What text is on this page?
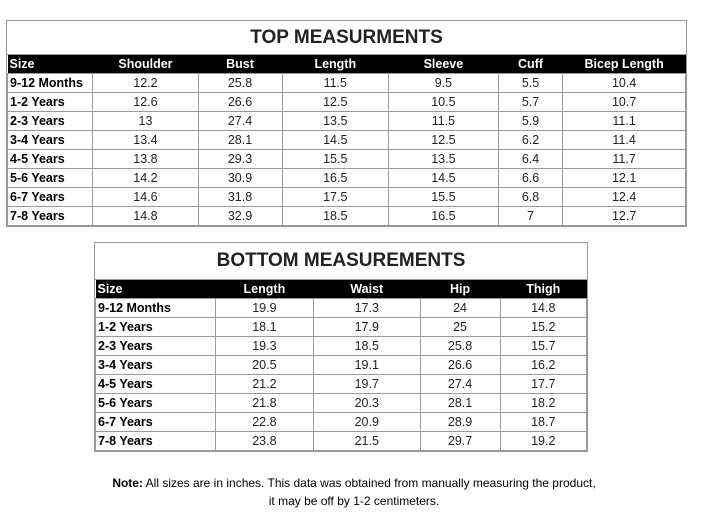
TOP MEASURMENTS
Size	Shoulder	Bust	Length	Sleeve	Cuff	Bicep Length
9-12 Months	12.2	25.8	11.5	9.5	5.5	10.4
1-2 Years	12.6	26.6	12.5	10.5	5.7	10.7
2-3 Years	13	27.4	13.5	11.5	5.9	11.1
3-4 Years	13.4	28.1	14.5	12.5	6.2	11.4
4-5 Years	13.8	29.3	15.5	13.5	6.4	11.7
5-6 Years	14.2	30.9	16.5	14.5	6.6	12.1
6-7 Years	14.6	31.8	17.5	15.5	6.8	12.4
7-8 Years	14.8	32.9	18.5	16.5	7	12.7
BOTTOM MEASUREMENTS
Size	Length	Waist	Hip	Thigh
9-12 Months	19.9	17.3	24	14.8
1-2 Years	18.1	17.9	25	15.2
2-3 Years	19.3	18.5	25.8	15.7
3-4 Years	20.5	19.1	26.6	16.2
4-5 Years	21.2	19.7	27.4	17.7
5-6 Years	21.8	20.3	28.1	18.2
6-7 Years	22.8	20.9	28.9	18.7
7-8 Years	23.8	21.5	29.7	19.2
Note: All sizes are in inches. This data was obtained from manually measuring the product,
it may be off by 1-2 centimeters.
